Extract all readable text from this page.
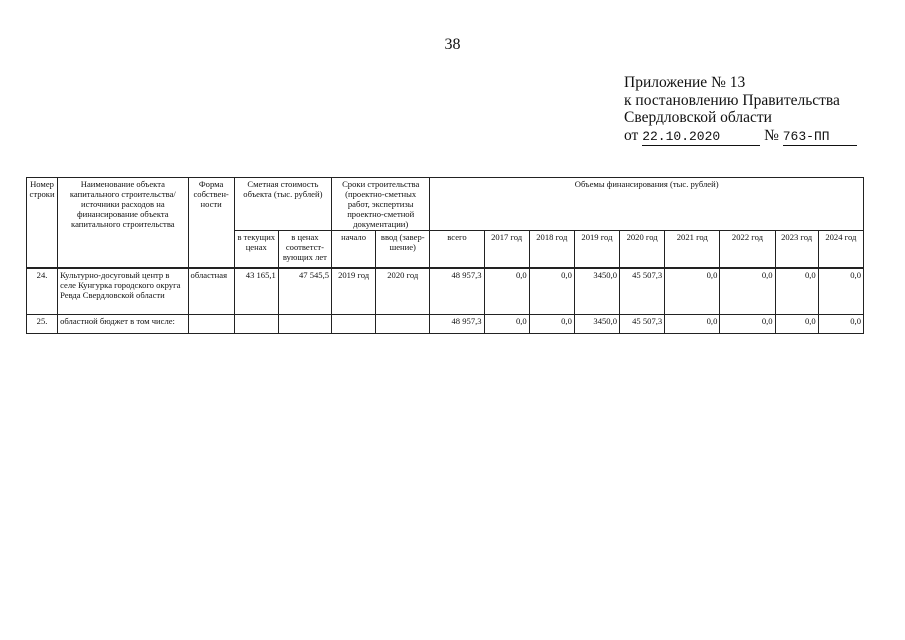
38
Приложение № 13
к постановлению Правительства
Свердловской области
от 22.10.2020	№ 763-ПП
Номер строки	Наименование объекта капитального строительства/ источники расходов на финансирование объекта капитального строительства	Форма собствен- ности	Сметная стоимость объекта (тыс. рублей)		Сроки строительства (проектно-сметных работ, экспертизы проектно-сметной документации)		Объемы финансирования (тыс. рублей)								
			в текущих ценах	в ценах соответст- вующих лет	начало	ввод (завер- шение)	всего	2017 год	2018 год	2019 год	2020 год	2021 год	2022 год	2023 год	2024 год
24.	Культурно-досуговый центр в селе Кунгурка городского округа Ревда Свердловской области	областная	43 165,1	47 545,5	2019 год	2020 год	48 957,3	0,0	0,0	3450,0	45 507,3	0,0	0,0	0,0	0,0
25.	областной бюджет в том числе:						48 957,3	0,0	0,0	3450,0	45 507,3	0,0	0,0	0,0	0,0
